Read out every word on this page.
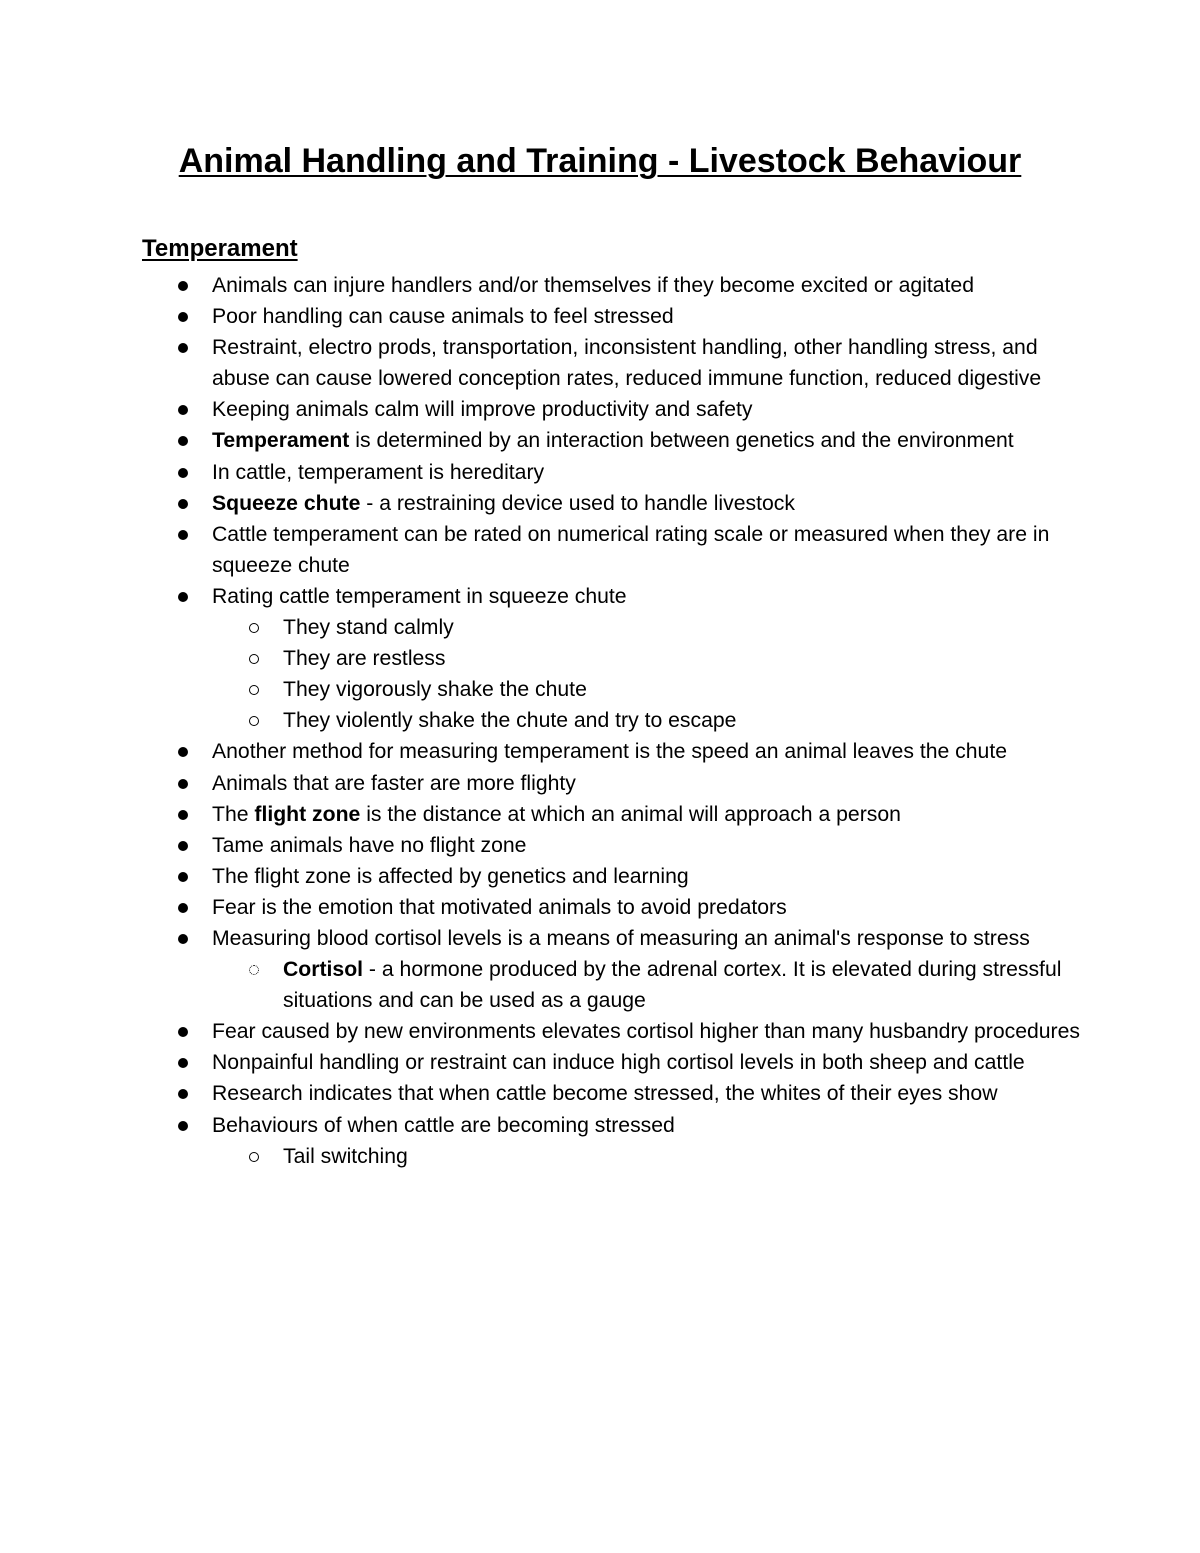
Animal Handling and Training - Livestock Behaviour
Temperament
Animals can injure handlers and/or themselves if they become excited or agitated
Poor handling can cause animals to feel stressed
Restraint, electro prods, transportation, inconsistent handling, other handling stress, and abuse can cause lowered conception rates, reduced immune function, reduced digestive
Keeping animals calm will improve productivity and safety
Temperament is determined by an interaction between genetics and the environment
In cattle, temperament is hereditary
Squeeze chute - a restraining device used to handle livestock
Cattle temperament can be rated on numerical rating scale or measured when they are in squeeze chute
Rating cattle temperament in squeeze chute
They stand calmly
They are restless
They vigorously shake the chute
They violently shake the chute and try to escape
Another method for measuring temperament is the speed an animal leaves the chute
Animals that are faster are more flighty
The flight zone is the distance at which an animal will approach a person
Tame animals have no flight zone
The flight zone is affected by genetics and learning
Fear is the emotion that motivated animals to avoid predators
Measuring blood cortisol levels is a means of measuring an animal's response to stress
Cortisol - a hormone produced by the adrenal cortex. It is elevated during stressful situations and can be used as a gauge
Fear caused by new environments elevates cortisol higher than many husbandry procedures
Nonpainful handling or restraint can induce high cortisol levels in both sheep and cattle
Research indicates that when cattle become stressed, the whites of their eyes show
Behaviours of when cattle are becoming stressed
Tail switching
